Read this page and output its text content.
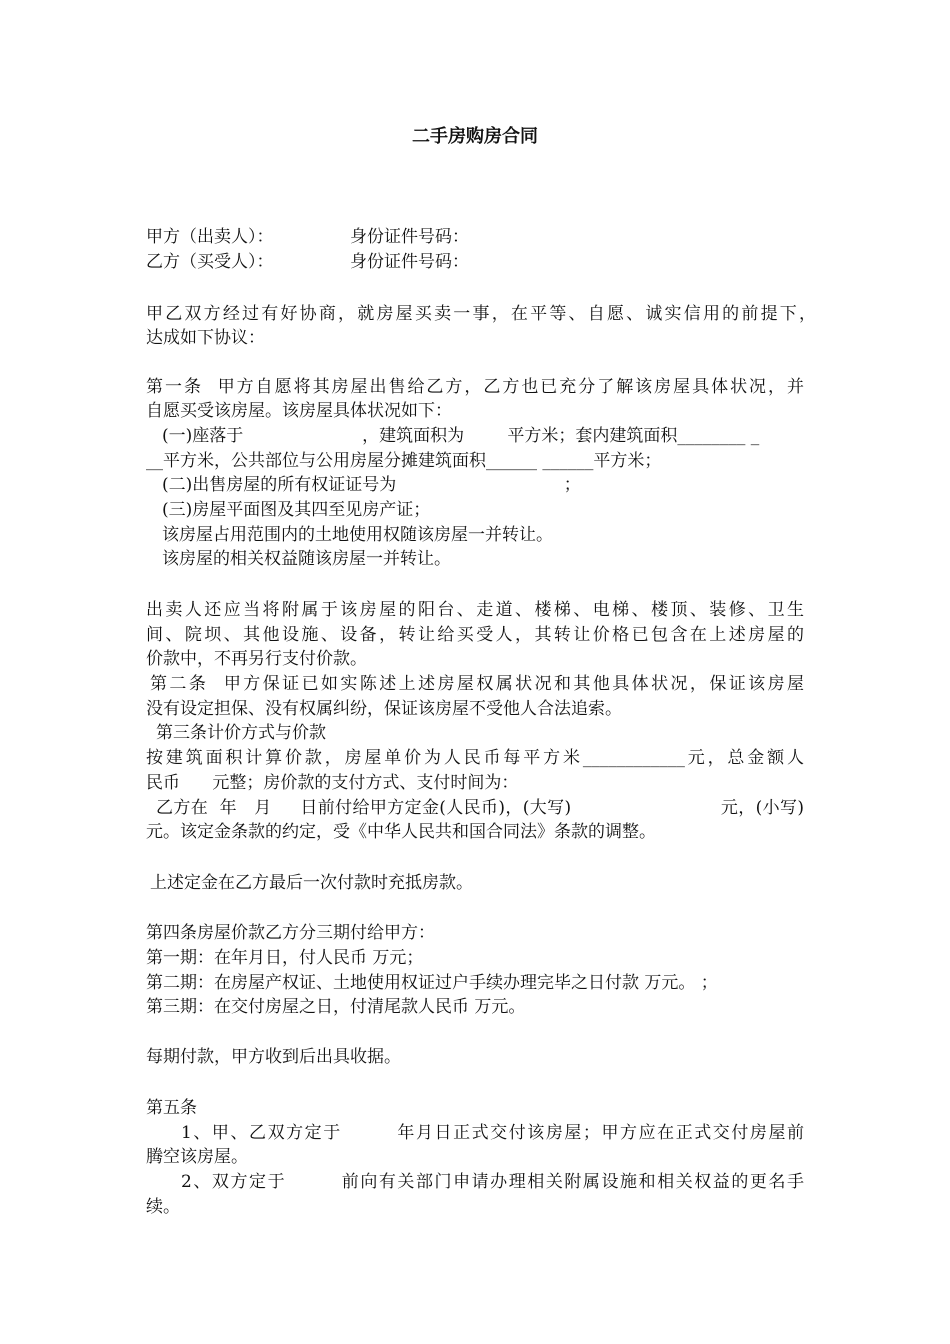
二手房购房合同
甲方（出卖人）：	身份证件号码：
乙方（买受人）：	身份证件号码：
甲乙双方经过有好协商，就房屋买卖一事，在平等、自愿、诚实信用的前提下，
达成如下协议：
第一条  甲方自愿将其房屋出售给乙方，乙方也已充分了解该房屋具体状况，并
自愿买受该房屋。该房屋具体状况如下：
(一)座落于                      ，建筑面积为        平方米；套内建筑面积________ _
__平方米，公共部位与公用房屋分摊建筑面积______ ______平方米；
(二)出售房屋的所有权证证号为                               ；
(三)房屋平面图及其四至见房产证；
该房屋占用范围内的土地使用权随该房屋一并转让。
该房屋的相关权益随该房屋一并转让。
出卖人还应当将附属于该房屋的阳台、走道、楼梯、电梯、楼顶、装修、卫生
间、院坝、其他设施、设备，转让给买受人，其转让价格已包含在上述房屋的
价款中，不再另行支付价款。
第二条  甲方保证已如实陈述上述房屋权属状况和其他具体状况，保证该房屋
没有设定担保、没有权属纠纷，保证该房屋不受他人合法追索。
第三条计价方式与价款
按建筑面积计算价款，房屋单价为人民币每平方米____________元，总金额人
民币      元整；房价款的支付方式、支付时间为：
乙方在  年   月     日前付给甲方定金(人民币)，(大写)                          元，(小写)
元。该定金条款的约定，受《中华人民共和国合同法》条款的调整。
上述定金在乙方最后一次付款时充抵房款。
第四条房屋价款乙方分三期付给甲方：
第一期：在年月日，付人民币 万元；
第二期：在房屋产权证、土地使用权证过户手续办理完毕之日付款 万元。 ；
第三期：在交付房屋之日，付清尾款人民币 万元。
每期付款，甲方收到后出具收据。
第五条
1、甲、乙双方定于        年月日正式交付该房屋；甲方应在正式交付房屋前
腾空该房屋。
2、双方定于        前向有关部门申请办理相关附属设施和相关权益的更名手
续。
